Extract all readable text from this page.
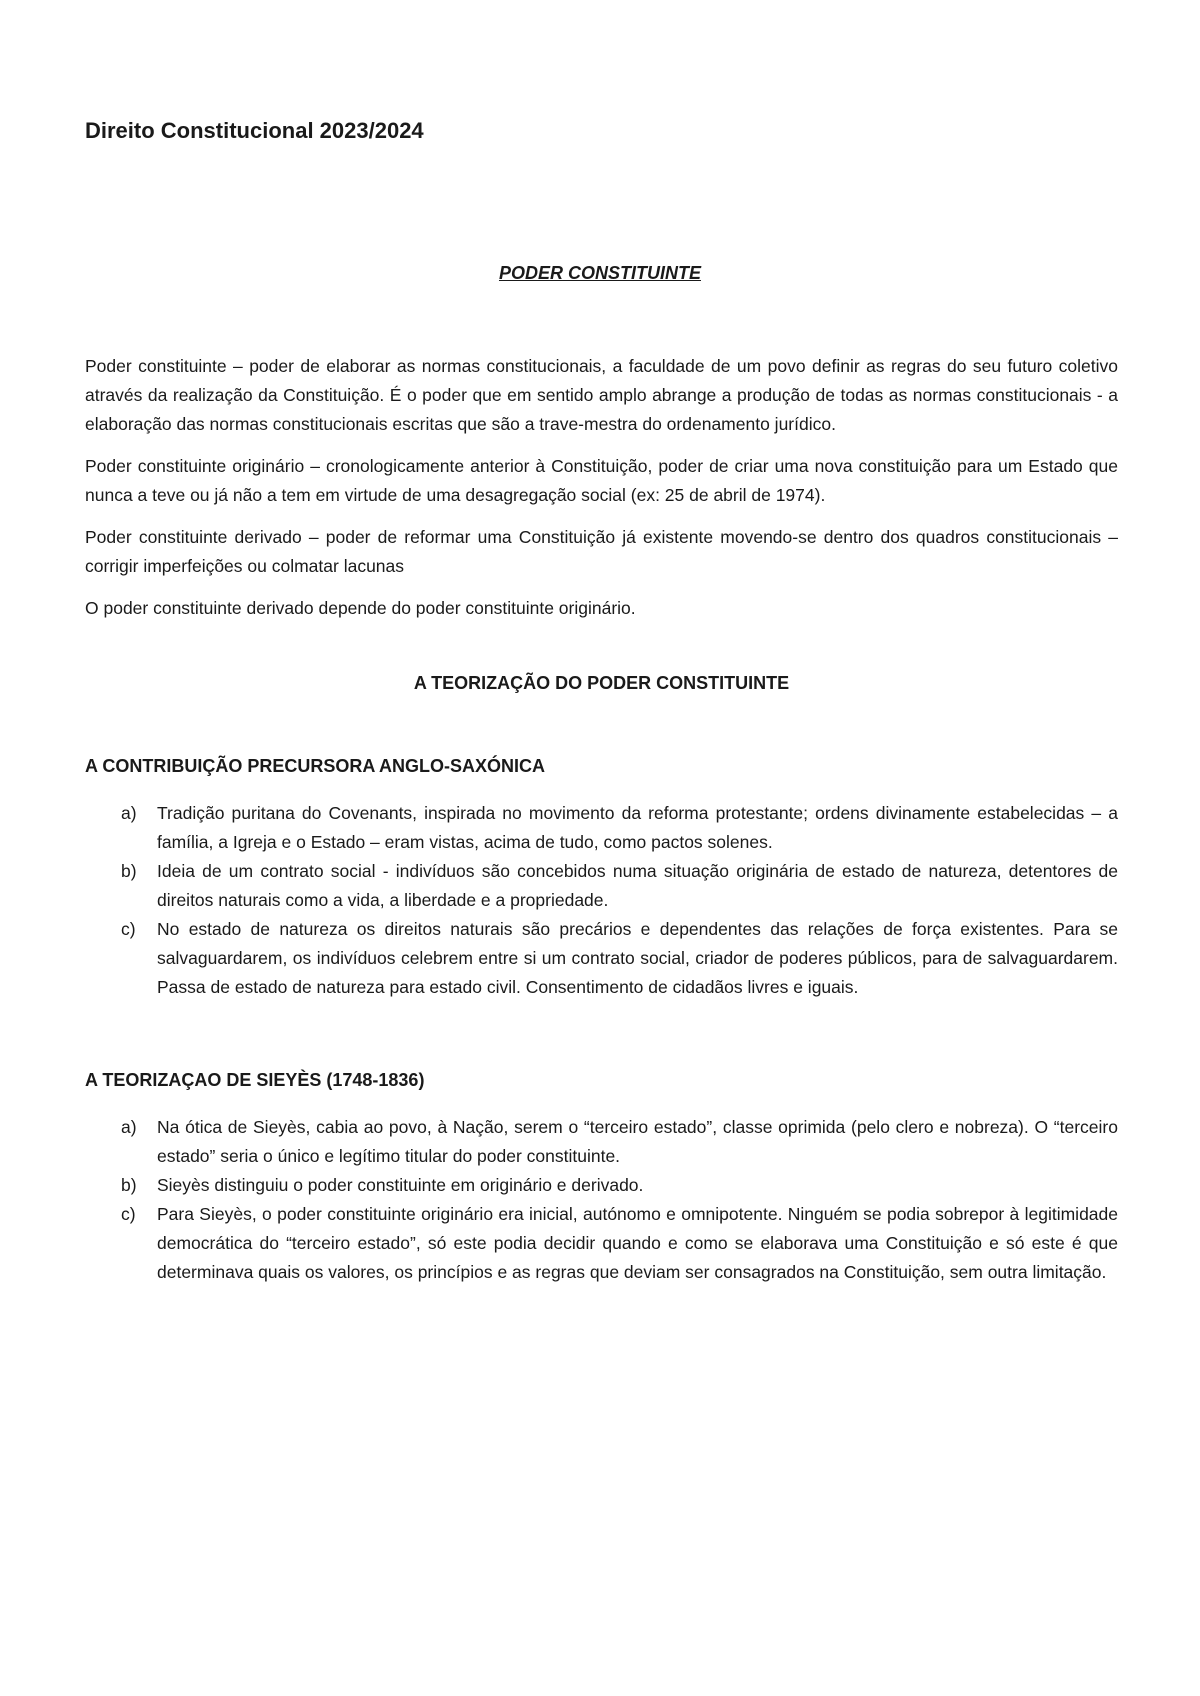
Direito Constitucional 2023/2024
PODER CONSTITUINTE

Poder constituinte – poder de elaborar as normas constitucionais, a faculdade de um povo definir as regras do seu futuro coletivo através da realização da Constituição. É o poder que em sentido amplo abrange a produção de todas as normas constitucionais - a elaboração das normas constitucionais escritas que são a trave-mestra do ordenamento jurídico.

Poder constituinte originário – cronologicamente anterior à Constituição, poder de criar uma nova constituição para um Estado que nunca a teve ou já não a tem em virtude de uma desagregação social (ex: 25 de abril de 1974).

Poder constituinte derivado – poder de reformar uma Constituição já existente movendo-se dentro dos quadros constitucionais – corrigir imperfeições ou colmatar lacunas

O poder constituinte derivado depende do poder constituinte originário.

A TEORIZAÇÃO DO PODER CONSTITUINTE
A CONTRIBUIÇÃO PRECURSORA ANGLO-SAXÓNICA
a) Tradição puritana do Covenants, inspirada no movimento da reforma protestante; ordens divinamente estabelecidas – a família, a Igreja e o Estado – eram vistas, acima de tudo, como pactos solenes.
b) Ideia de um contrato social - indivíduos são concebidos numa situação originária de estado de natureza, detentores de direitos naturais como a vida, a liberdade e a propriedade.
c) No estado de natureza os direitos naturais são precários e dependentes das relações de força existentes. Para se salvaguardarem, os indivíduos celebrem entre si um contrato social, criador de poderes públicos, para de salvaguardarem. Passa de estado de natureza para estado civil. Consentimento de cidadãos livres e iguais.
A TEORIZAÇAO DE SIEYÈS (1748-1836)
a) Na ótica de Sieyès, cabia ao povo, à Nação, serem o “terceiro estado”, classe oprimida (pelo clero e nobreza). O “terceiro estado” seria o único e legítimo titular do poder constituinte.
b) Sieyès distinguiu o poder constituinte em originário e derivado.
c) Para Sieyès, o poder constituinte originário era inicial, autónomo e omnipotente. Ninguém se podia sobrepor à legitimidade democrática do “terceiro estado”, só este podia decidir quando e como se elaborava uma Constituição e só este é que determinava quais os valores, os princípios e as regras que deviam ser consagrados na Constituição, sem outra limitação.
